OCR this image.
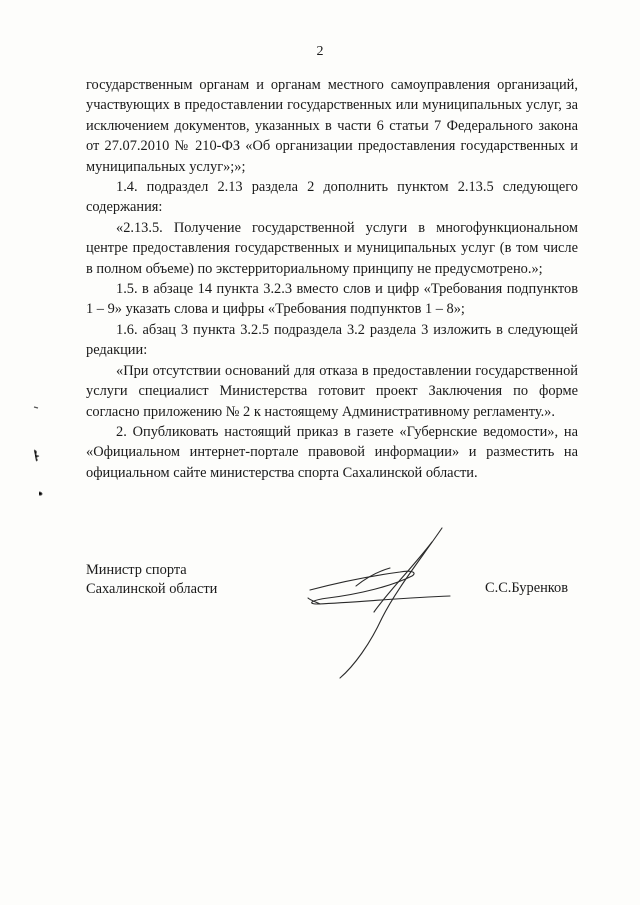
2

государственным органам и органам местного самоуправления организаций, участвующих в предоставлении государственных или муниципальных услуг, за исключением документов, указанных в части 6 статьи 7 Федерального закона от 27.07.2010 № 210-ФЗ «Об организации предоставления государственных и муниципальных услуг»;»;

1.4. подраздел 2.13 раздела 2 дополнить пунктом 2.13.5 следующего содержания:

«2.13.5. Получение государственной услуги в многофункциональном центре предоставления государственных и муниципальных услуг (в том числе в полном объеме) по экстерриториальному принципу не предусмотрено.»;

1.5. в абзаце 14 пункта 3.2.3 вместо слов и цифр «Требования подпунктов 1 – 9» указать слова и цифры «Требования подпунктов 1 – 8»;

1.6. абзац 3 пункта 3.2.5 подраздела 3.2 раздела 3 изложить в следующей редакции:

«При отсутствии оснований для отказа в предоставлении государственной услуги специалист Министерства готовит проект Заключения по форме согласно приложению № 2 к настоящему Административному регламенту.».

2. Опубликовать настоящий приказ в газете «Губернские ведомости», на «Официальном интернет-портале правовой информации» и разместить на официальном сайте министерства спорта Сахалинской области.

Министр спорта
Сахалинской области	С.С.Буренков
